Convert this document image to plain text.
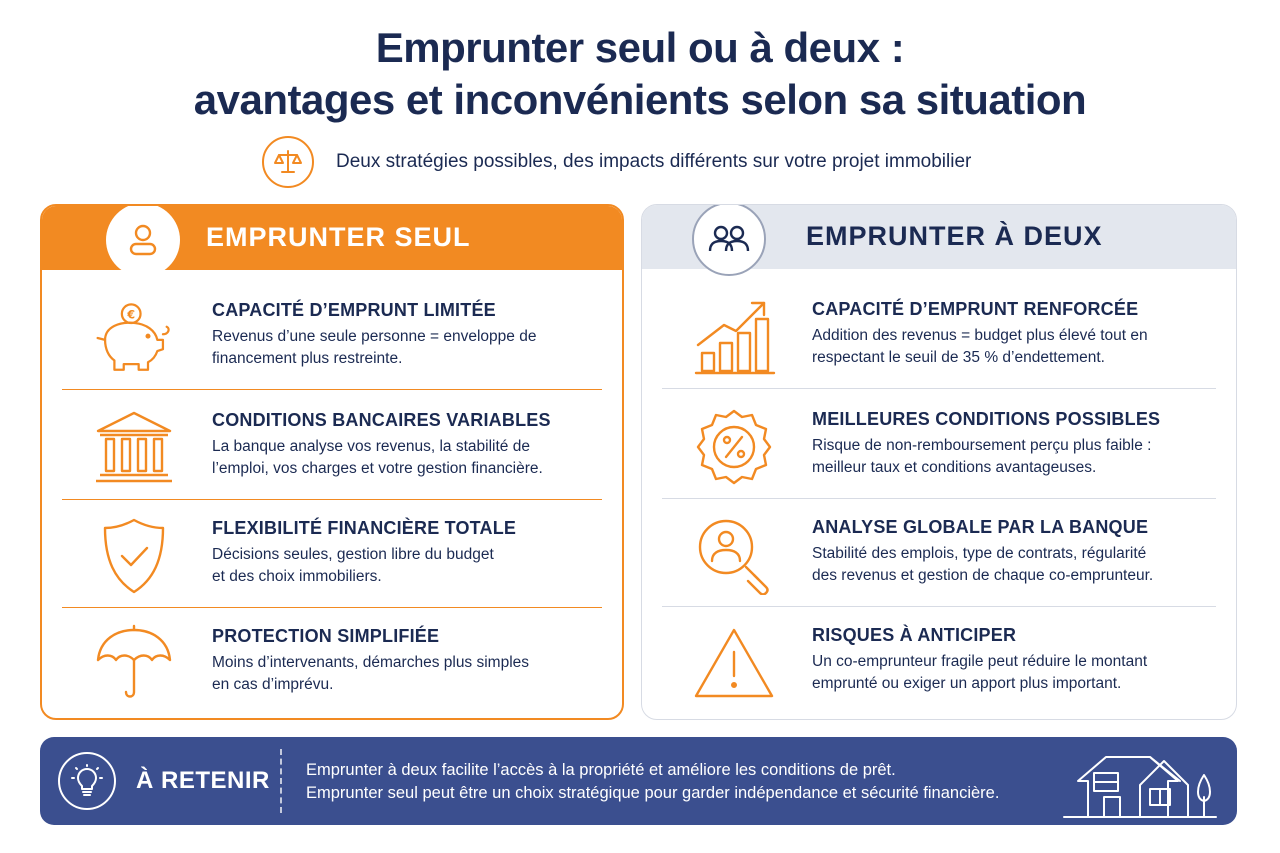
Emprunter seul ou à deux :
avantages et inconvénients selon sa situation
Deux stratégies possibles, des impacts différents sur votre projet immobilier
EMPRUNTER SEUL
€	CAPACITÉ D’EMPRUNT LIMITÉE
Revenus d’une seule personne = enveloppe de
financement plus restreinte.
CONDITIONS BANCAIRES VARIABLES
La banque analyse vos revenus, la stabilité de
l’emploi, vos charges et votre gestion financière.
FLEXIBILITÉ FINANCIÈRE TOTALE
Décisions seules, gestion libre du budget
et des choix immobiliers.
PROTECTION SIMPLIFIÉE
Moins d’intervenants, démarches plus simples
en cas d’imprévu.
EMPRUNTER À DEUX
CAPACITÉ D’EMPRUNT RENFORCÉE
Addition des revenus = budget plus élevé tout en
respectant le seuil de 35 % d’endettement.
MEILLEURES CONDITIONS POSSIBLES
Risque de non-remboursement perçu plus faible :
meilleur taux et conditions avantageuses.
ANALYSE GLOBALE PAR LA BANQUE
Stabilité des emplois, type de contrats, régularité
des revenus et gestion de chaque co-emprunteur.
RISQUES À ANTICIPER
Un co-emprunteur fragile peut réduire le montant
emprunté ou exiger un apport plus important.
À RETENIR Emprunter à deux facilite l’accès à la propriété et améliore les conditions de prêt.
Emprunter seul peut être un choix stratégique pour garder indépendance et sécurité financière.
